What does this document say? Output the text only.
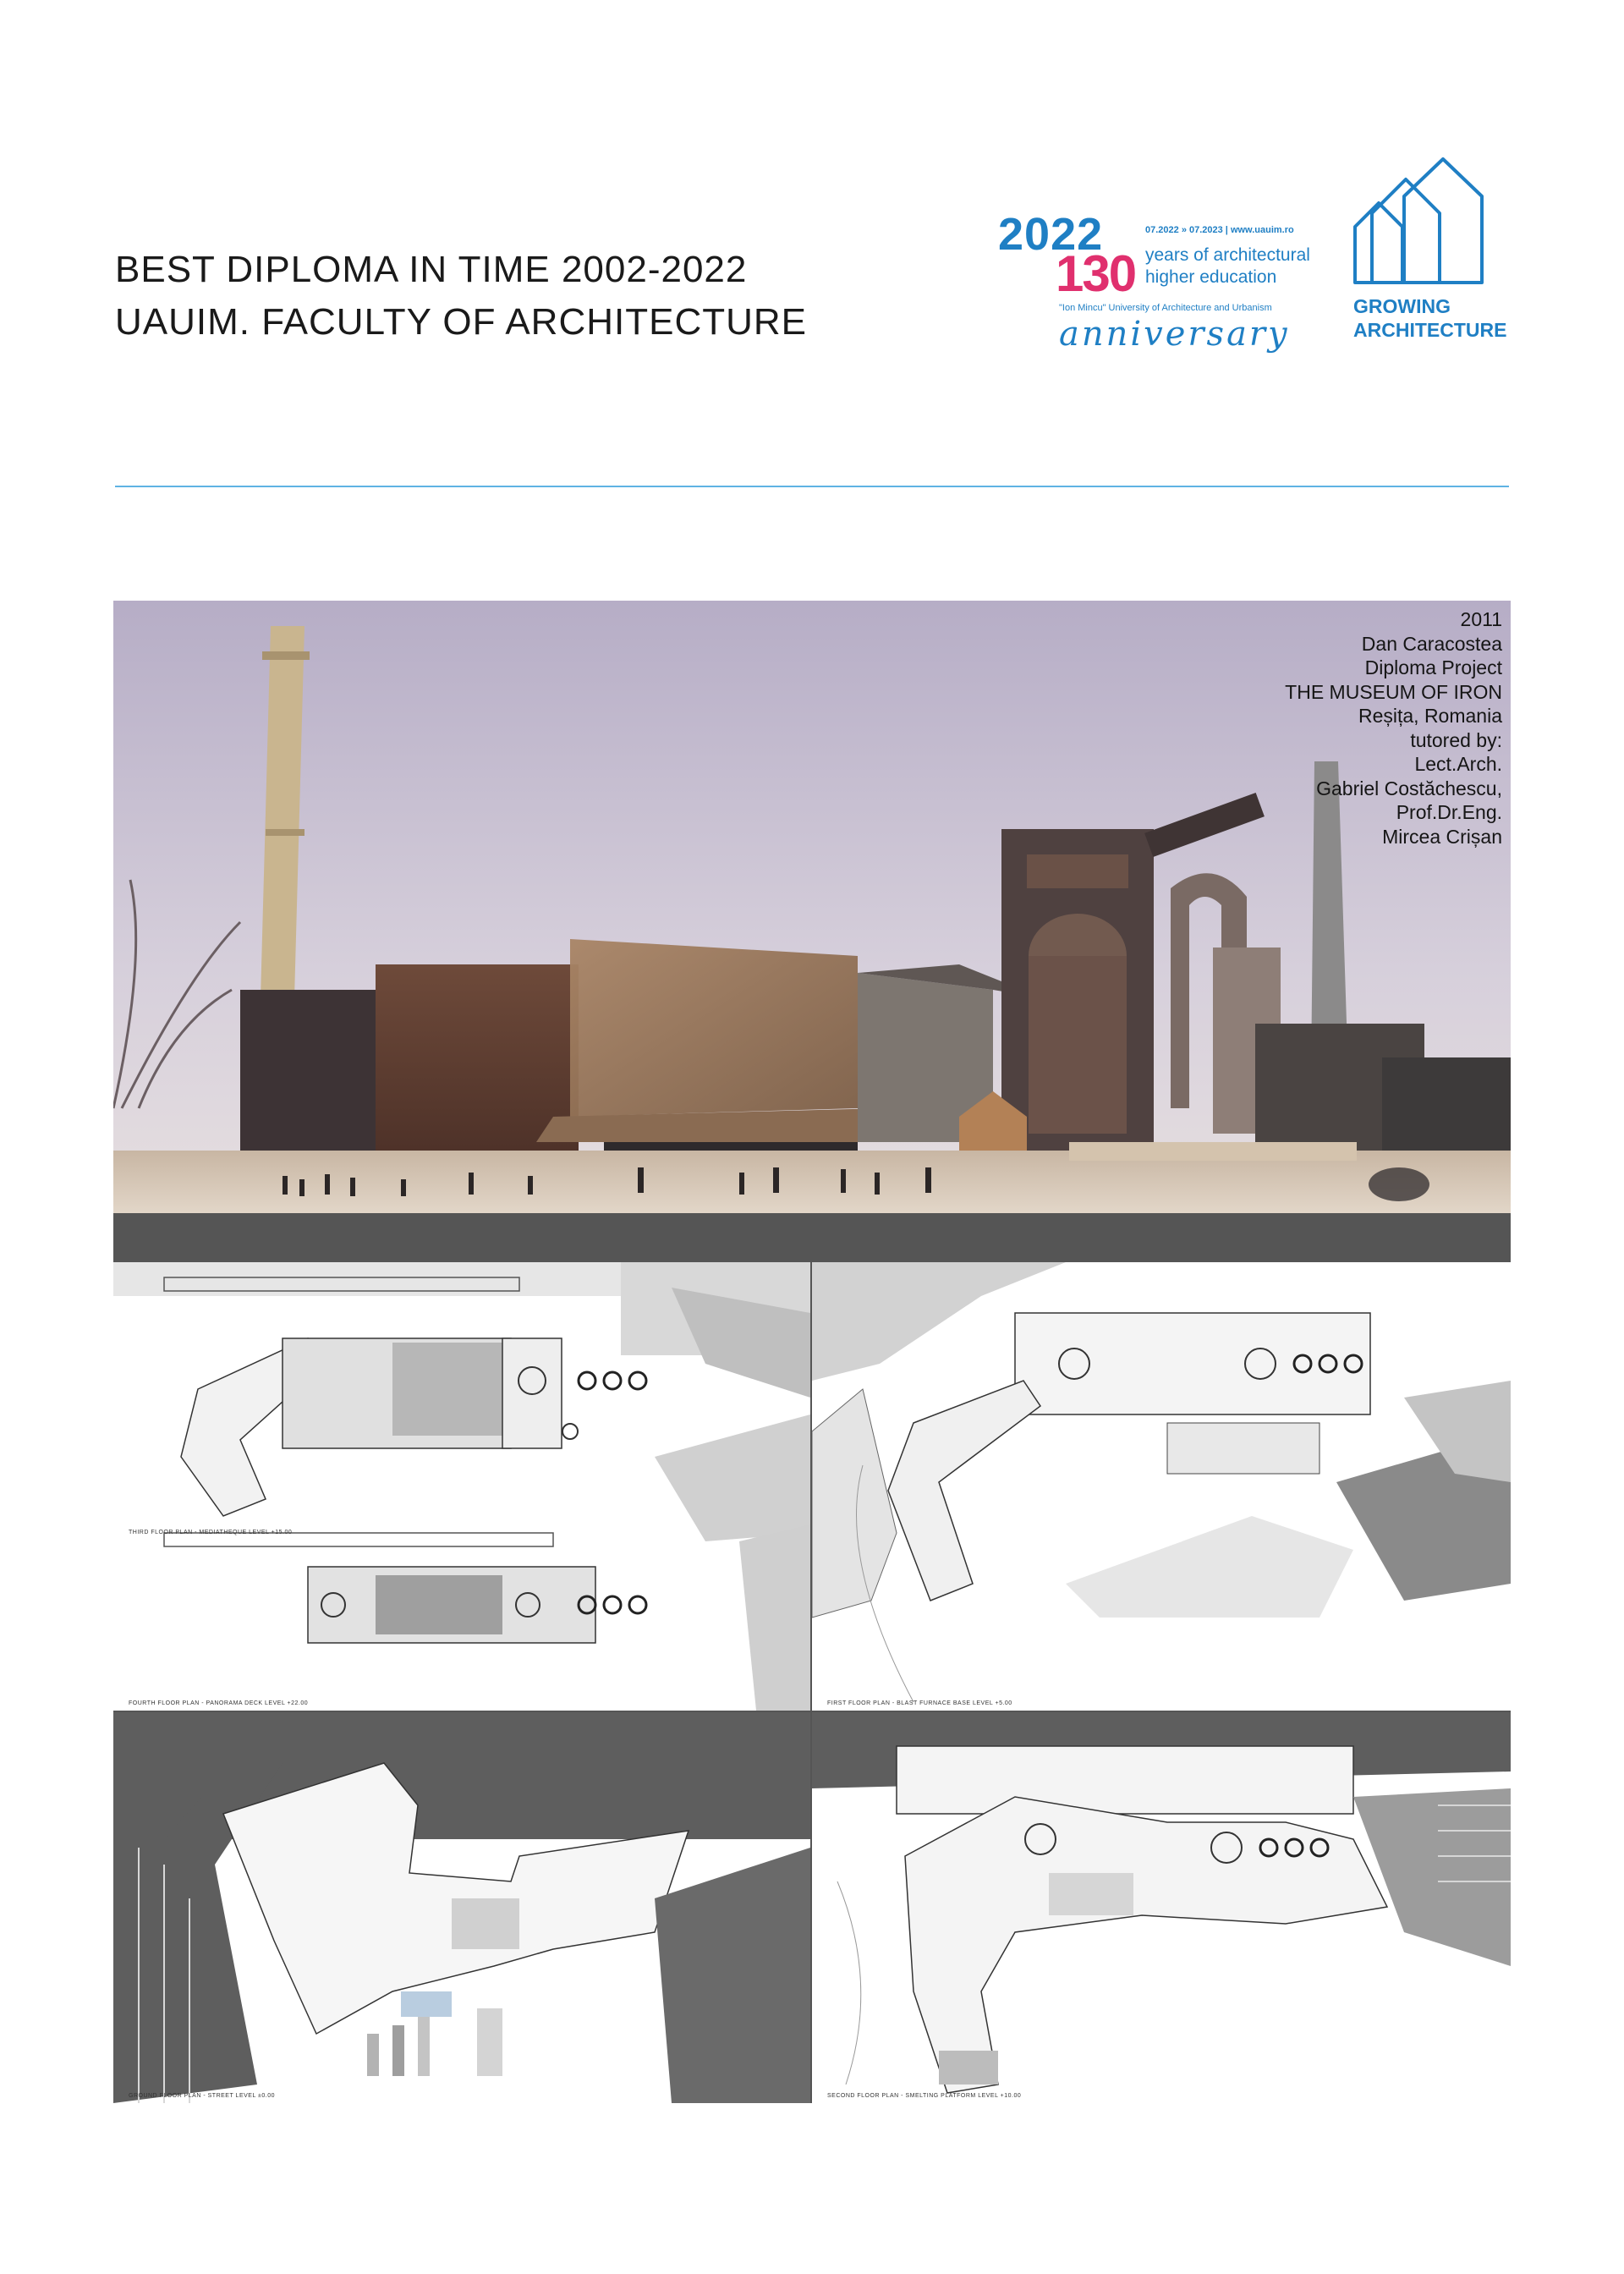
BEST DIPLOMA IN TIME 2002-2022
UAUIM. FACULTY OF ARCHITECTURE
2022
130
07.2022 » 07.2023 | www.uauim.ro
years of architectural
higher education
"Ion Mincu" University of Architecture and Urbanism
anniversary
GROWING
ARCHITECTURE
2011
Dan Caracostea
Diploma Project
THE MUSEUM OF IRON
Reșița, Romania
tutored by:
Lect.Arch.
Gabriel Costăchescu,
Prof.Dr.Eng.
Mircea Crișan
THIRD FLOOR PLAN - MEDIATHEQUE LEVEL +15.00
FOURTH FLOOR PLAN - PANORAMA DECK LEVEL +22.00	FIRST FLOOR PLAN - BLAST FURNACE BASE LEVEL +5.00
GROUND FLOOR PLAN - STREET LEVEL ±0.00	SECOND FLOOR PLAN - SMELTING PLATFORM LEVEL +10.00
